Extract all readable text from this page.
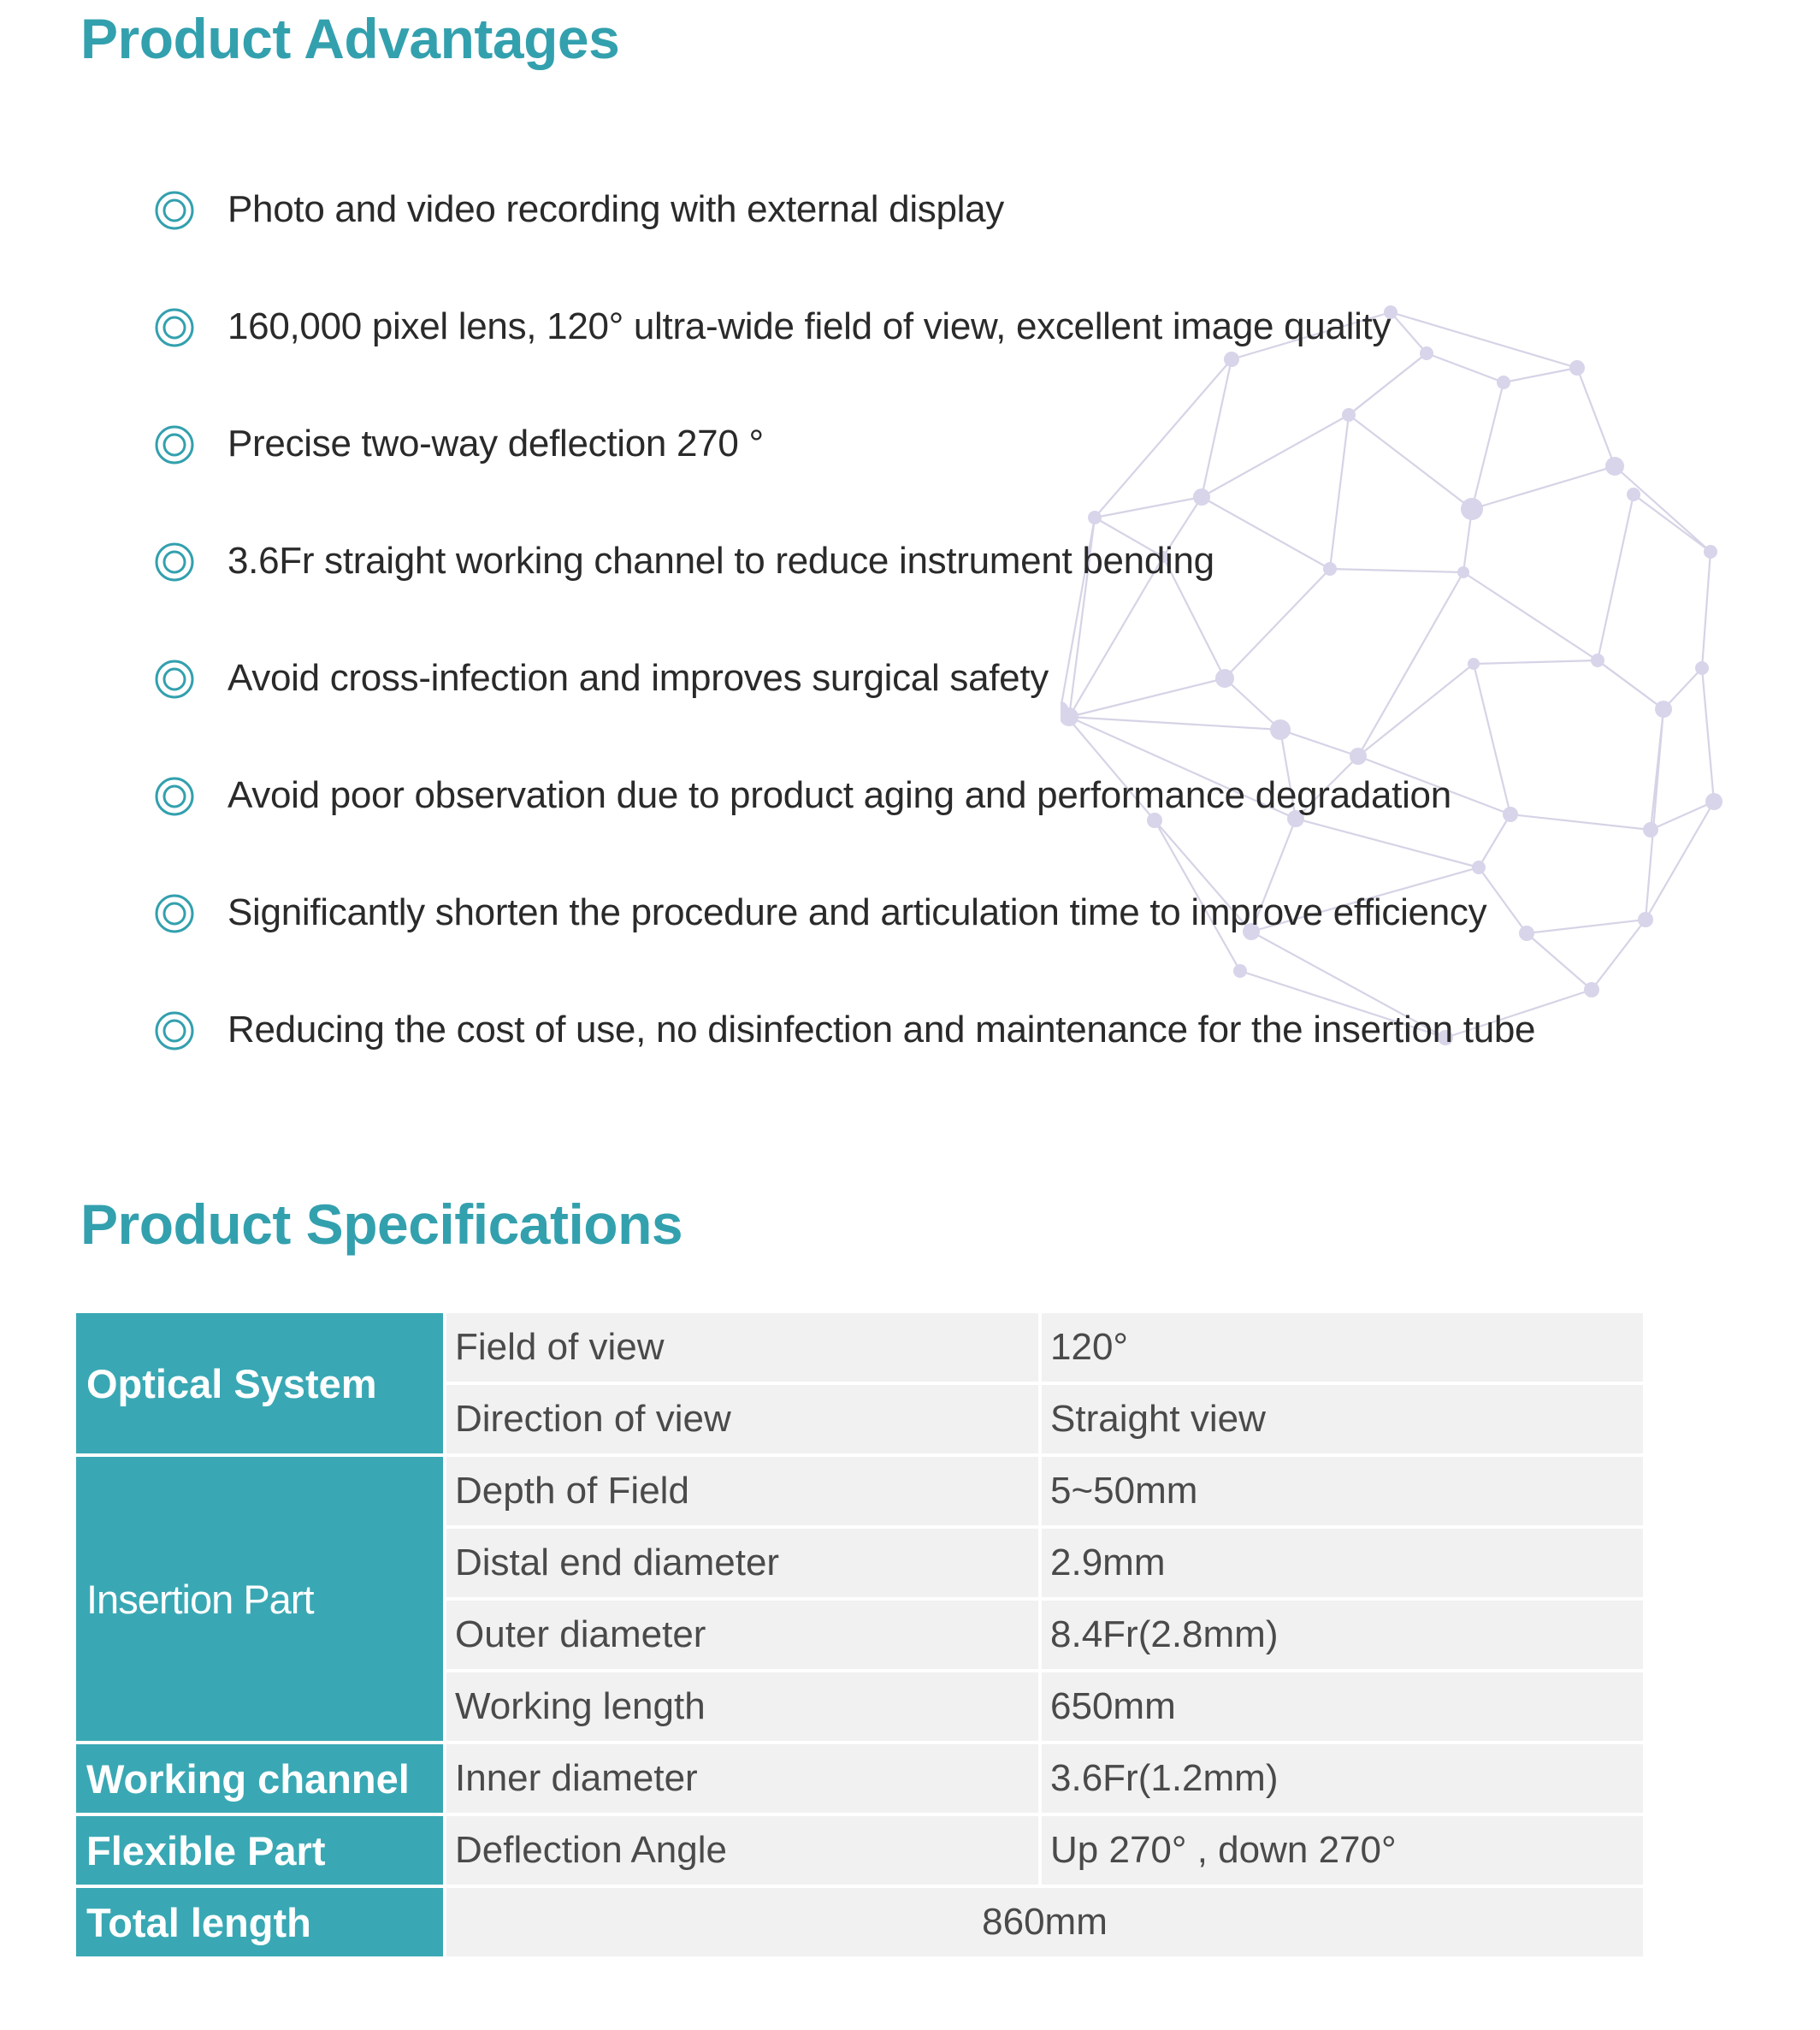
Product Advantages
Photo and video recording with external display
160,000 pixel lens, 120° ultra-wide field of view, excellent image quality
Precise two-way deflection 270 °
3.6Fr straight working channel to reduce instrument bending
Avoid cross-infection and improves surgical safety
Avoid poor observation due to product aging and performance degradation
Significantly shorten the procedure and articulation time to improve efficiency
Reducing the cost of use, no disinfection and maintenance for the insertion tube
Product Specifications
Optical System	Field of view	120°
	Direction of view	Straight view
Insertion Part	Depth of Field	5~50mm
	Distal end diameter	2.9mm
	Outer diameter	8.4Fr(2.8mm)
	Working length	650mm
Working channel	Inner diameter	3.6Fr(1.2mm)
Flexible Part	Deflection Angle	Up 270° , down 270°
Total length	860mm	
